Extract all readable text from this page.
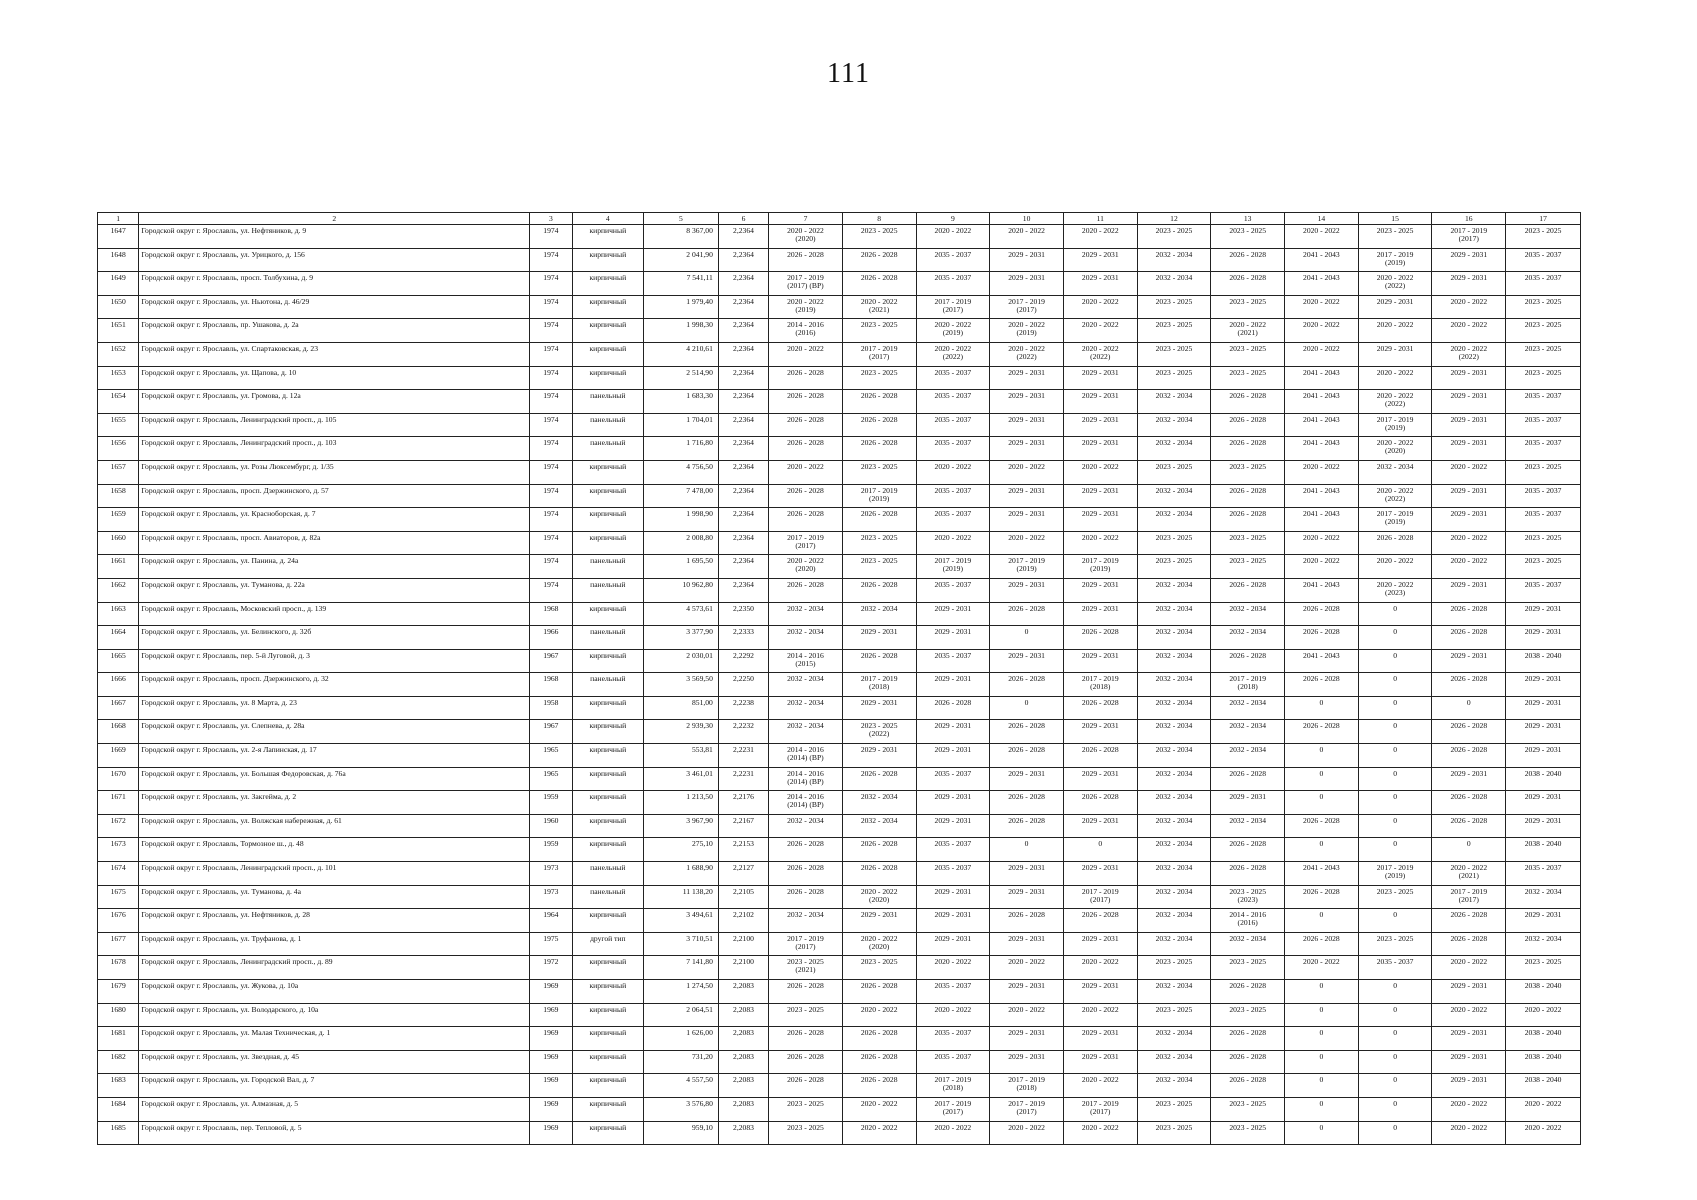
111
1	2	3	4	5	6	7	8	9	10	11	12	13	14	15	16	17
1647	Городской округ г. Ярославль, ул. Нефтяников, д. 9	1974	кирпичный	8 367,00	2,2364	2020 - 2022
(2020)	2023 - 2025	2020 - 2022	2020 - 2022	2020 - 2022	2023 - 2025	2023 - 2025	2020 - 2022	2023 - 2025	2017 - 2019
(2017)	2023 - 2025

1648	Городской округ г. Ярославль, ул. Урицкого, д. 156	1974	кирпичный	2 041,90	2,2364	2026 - 2028	2026 - 2028	2035 - 2037	2029 - 2031	2029 - 2031	2032 - 2034	2026 - 2028	2041 - 2043	2017 - 2019
(2019)	2029 - 2031	2035 - 2037

1649	Городской округ г. Ярославль, просп. Толбухина, д. 9	1974	кирпичный	7 541,11	2,2364	2017 - 2019
(2017) (ВР)	2026 - 2028	2035 - 2037	2029 - 2031	2029 - 2031	2032 - 2034	2026 - 2028	2041 - 2043	2020 - 2022
(2022)	2029 - 2031	2035 - 2037

1650	Городской округ г. Ярославль, ул. Ньютона, д. 46/29	1974	кирпичный	1 979,40	2,2364	2020 - 2022
(2019)	2020 - 2022
(2021)	2017 - 2019
(2017)	2017 - 2019
(2017)	2020 - 2022	2023 - 2025	2023 - 2025	2020 - 2022	2029 - 2031	2020 - 2022	2023 - 2025

1651	Городской округ г. Ярославль, пр. Ушакова, д. 2а	1974	кирпичный	1 998,30	2,2364	2014 - 2016
(2016)	2023 - 2025	2020 - 2022
(2019)	2020 - 2022
(2019)	2020 - 2022	2023 - 2025	2020 - 2022
(2021)	2020 - 2022	2020 - 2022	2020 - 2022	2023 - 2025

1652	Городской округ г. Ярославль, ул. Спартаковская, д. 23	1974	кирпичный	4 210,61	2,2364	2020 - 2022	2017 - 2019
(2017)	2020 - 2022
(2022)	2020 - 2022
(2022)	2020 - 2022
(2022)	2023 - 2025	2023 - 2025	2020 - 2022	2029 - 2031	2020 - 2022
(2022)	2023 - 2025

1653	Городской округ г. Ярославль, ул. Щапова, д. 10	1974	кирпичный	2 514,90	2,2364	2026 - 2028	2023 - 2025	2035 - 2037	2029 - 2031	2029 - 2031	2023 - 2025	2023 - 2025	2041 - 2043	2020 - 2022	2029 - 2031	2023 - 2025

1654	Городской округ г. Ярославль, ул. Громова, д. 12а	1974	панельный	1 683,30	2,2364	2026 - 2028	2026 - 2028	2035 - 2037	2029 - 2031	2029 - 2031	2032 - 2034	2026 - 2028	2041 - 2043	2020 - 2022
(2022)	2029 - 2031	2035 - 2037

1655	Городской округ г. Ярославль, Ленинградский просп., д. 105	1974	панельный	1 704,01	2,2364	2026 - 2028	2026 - 2028	2035 - 2037	2029 - 2031	2029 - 2031	2032 - 2034	2026 - 2028	2041 - 2043	2017 - 2019
(2019)	2029 - 2031	2035 - 2037

1656	Городской округ г. Ярославль, Ленинградский просп., д. 103	1974	панельный	1 716,80	2,2364	2026 - 2028	2026 - 2028	2035 - 2037	2029 - 2031	2029 - 2031	2032 - 2034	2026 - 2028	2041 - 2043	2020 - 2022
(2020)	2029 - 2031	2035 - 2037

1657	Городской округ г. Ярославль, ул. Розы Люксембург, д. 1/35	1974	кирпичный	4 756,50	2,2364	2020 - 2022	2023 - 2025	2020 - 2022	2020 - 2022	2020 - 2022	2023 - 2025	2023 - 2025	2020 - 2022	2032 - 2034	2020 - 2022	2023 - 2025

1658	Городской округ г. Ярославль, просп. Дзержинского, д. 57	1974	кирпичный	7 478,00	2,2364	2026 - 2028	2017 - 2019
(2019)	2035 - 2037	2029 - 2031	2029 - 2031	2032 - 2034	2026 - 2028	2041 - 2043	2020 - 2022
(2022)	2029 - 2031	2035 - 2037

1659	Городской округ г. Ярославль, ул. Красноборская, д. 7	1974	кирпичный	1 998,90	2,2364	2026 - 2028	2026 - 2028	2035 - 2037	2029 - 2031	2029 - 2031	2032 - 2034	2026 - 2028	2041 - 2043	2017 - 2019
(2019)	2029 - 2031	2035 - 2037

1660	Городской округ г. Ярославль, просп. Авиаторов, д. 82а	1974	кирпичный	2 008,80	2,2364	2017 - 2019
(2017)	2023 - 2025	2020 - 2022	2020 - 2022	2020 - 2022	2023 - 2025	2023 - 2025	2020 - 2022	2026 - 2028	2020 - 2022	2023 - 2025

1661	Городской округ г. Ярославль, ул. Панина, д. 24а	1974	панельный	1 695,50	2,2364	2020 - 2022
(2020)	2023 - 2025	2017 - 2019
(2019)	2017 - 2019
(2019)	2017 - 2019
(2019)	2023 - 2025	2023 - 2025	2020 - 2022	2020 - 2022	2020 - 2022	2023 - 2025

1662	Городской округ г. Ярославль, ул. Туманова, д. 22а	1974	панельный	10 962,80	2,2364	2026 - 2028	2026 - 2028	2035 - 2037	2029 - 2031	2029 - 2031	2032 - 2034	2026 - 2028	2041 - 2043	2020 - 2022
(2023)	2029 - 2031	2035 - 2037

1663	Городской округ г. Ярославль, Московский просп., д. 139	1968	кирпичный	4 573,61	2,2350	2032 - 2034	2032 - 2034	2029 - 2031	2026 - 2028	2029 - 2031	2032 - 2034	2032 - 2034	2026 - 2028	0	2026 - 2028	2029 - 2031

1664	Городской округ г. Ярославль, ул. Белинского, д. 32б	1966	панельный	3 377,90	2,2333	2032 - 2034	2029 - 2031	2029 - 2031	0	2026 - 2028	2032 - 2034	2032 - 2034	2026 - 2028	0	2026 - 2028	2029 - 2031

1665	Городской округ г. Ярославль, пер. 5-й Луговой, д. 3	1967	кирпичный	2 030,01	2,2292	2014 - 2016
(2015)	2026 - 2028	2035 - 2037	2029 - 2031	2029 - 2031	2032 - 2034	2026 - 2028	2041 - 2043	0	2029 - 2031	2038 - 2040

1666	Городской округ г. Ярославль, просп. Дзержинского, д. 32	1968	панельный	3 569,50	2,2250	2032 - 2034	2017 - 2019
(2018)	2029 - 2031	2026 - 2028	2017 - 2019
(2018)	2032 - 2034	2017 - 2019
(2018)	2026 - 2028	0	2026 - 2028	2029 - 2031

1667	Городской округ г. Ярославль, ул. 8 Марта, д. 23	1958	кирпичный	851,00	2,2238	2032 - 2034	2029 - 2031	2026 - 2028	0	2026 - 2028	2032 - 2034	2032 - 2034	0	0	0	2029 - 2031

1668	Городской округ г. Ярославль, ул. Слепнева, д. 28а	1967	кирпичный	2 939,30	2,2232	2032 - 2034	2023 - 2025
(2022)	2029 - 2031	2026 - 2028	2029 - 2031	2032 - 2034	2032 - 2034	2026 - 2028	0	2026 - 2028	2029 - 2031

1669	Городской округ г. Ярославль, ул. 2-я Лапинская, д. 17	1965	кирпичный	553,81	2,2231	2014 - 2016
(2014) (ВР)	2029 - 2031	2029 - 2031	2026 - 2028	2026 - 2028	2032 - 2034	2032 - 2034	0	0	2026 - 2028	2029 - 2031

1670	Городской округ г. Ярославль, ул. Большая Федоровская, д. 76а	1965	кирпичный	3 461,01	2,2231	2014 - 2016
(2014) (ВР)	2026 - 2028	2035 - 2037	2029 - 2031	2029 - 2031	2032 - 2034	2026 - 2028	0	0	2029 - 2031	2038 - 2040

1671	Городской округ г. Ярославль, ул. Закгейма, д. 2	1959	кирпичный	1 213,50	2,2176	2014 - 2016
(2014) (ВР)	2032 - 2034	2029 - 2031	2026 - 2028	2026 - 2028	2032 - 2034	2029 - 2031	0	0	2026 - 2028	2029 - 2031

1672	Городской округ г. Ярославль, ул. Волжская набережная, д. 61	1960	кирпичный	3 967,90	2,2167	2032 - 2034	2032 - 2034	2029 - 2031	2026 - 2028	2029 - 2031	2032 - 2034	2032 - 2034	2026 - 2028	0	2026 - 2028	2029 - 2031

1673	Городской округ г. Ярославль, Тормозное ш., д. 48	1959	кирпичный	275,10	2,2153	2026 - 2028	2026 - 2028	2035 - 2037	0	0	2032 - 2034	2026 - 2028	0	0	0	2038 - 2040

1674	Городской округ г. Ярославль, Ленинградский просп., д. 101	1973	панельный	1 688,90	2,2127	2026 - 2028	2026 - 2028	2035 - 2037	2029 - 2031	2029 - 2031	2032 - 2034	2026 - 2028	2041 - 2043	2017 - 2019
(2019)	2020 - 2022
(2021)	2035 - 2037

1675	Городской округ г. Ярославль, ул. Туманова, д. 4а	1973	панельный	11 138,20	2,2105	2026 - 2028	2020 - 2022
(2020)	2029 - 2031	2029 - 2031	2017 - 2019
(2017)	2032 - 2034	2023 - 2025
(2023)	2026 - 2028	2023 - 2025	2017 - 2019
(2017)	2032 - 2034

1676	Городской округ г. Ярославль, ул. Нефтяников, д. 28	1964	кирпичный	3 494,61	2,2102	2032 - 2034	2029 - 2031	2029 - 2031	2026 - 2028	2026 - 2028	2032 - 2034	2014 - 2016
(2016)	0	0	2026 - 2028	2029 - 2031

1677	Городской округ г. Ярославль, ул. Труфанова, д. 1	1975	другой тип	3 710,51	2,2100	2017 - 2019
(2017)	2020 - 2022
(2020)	2029 - 2031	2029 - 2031	2029 - 2031	2032 - 2034	2032 - 2034	2026 - 2028	2023 - 2025	2026 - 2028	2032 - 2034

1678	Городской округ г. Ярославль, Ленинградский просп., д. 89	1972	кирпичный	7 141,80	2,2100	2023 - 2025
(2021)	2023 - 2025	2020 - 2022	2020 - 2022	2020 - 2022	2023 - 2025	2023 - 2025	2020 - 2022	2035 - 2037	2020 - 2022	2023 - 2025

1679	Городской округ г. Ярославль, ул. Жукова, д. 10а	1969	кирпичный	1 274,50	2,2083	2026 - 2028	2026 - 2028	2035 - 2037	2029 - 2031	2029 - 2031	2032 - 2034	2026 - 2028	0	0	2029 - 2031	2038 - 2040

1680	Городской округ г. Ярославль, ул. Володарского, д. 10а	1969	кирпичный	2 064,51	2,2083	2023 - 2025	2020 - 2022	2020 - 2022	2020 - 2022	2020 - 2022	2023 - 2025	2023 - 2025	0	0	2020 - 2022	2020 - 2022

1681	Городской округ г. Ярославль, ул. Малая Техническая, д. 1	1969	кирпичный	1 626,00	2,2083	2026 - 2028	2026 - 2028	2035 - 2037	2029 - 2031	2029 - 2031	2032 - 2034	2026 - 2028	0	0	2029 - 2031	2038 - 2040

1682	Городской округ г. Ярославль, ул. Звездная, д. 45	1969	кирпичный	731,20	2,2083	2026 - 2028	2026 - 2028	2035 - 2037	2029 - 2031	2029 - 2031	2032 - 2034	2026 - 2028	0	0	2029 - 2031	2038 - 2040

1683	Городской округ г. Ярославль, ул. Городской Вал, д. 7	1969	кирпичный	4 557,50	2,2083	2026 - 2028	2026 - 2028	2017 - 2019
(2018)	2017 - 2019
(2018)	2020 - 2022	2032 - 2034	2026 - 2028	0	0	2029 - 2031	2038 - 2040

1684	Городской округ г. Ярославль, ул. Алмазная, д. 5	1969	кирпичный	3 576,80	2,2083	2023 - 2025	2020 - 2022	2017 - 2019
(2017)	2017 - 2019
(2017)	2017 - 2019
(2017)	2023 - 2025	2023 - 2025	0	0	2020 - 2022	2020 - 2022

1685	Городской округ г. Ярославль, пер. Тепловой, д. 5	1969	кирпичный	959,10	2,2083	2023 - 2025	2020 - 2022	2020 - 2022	2020 - 2022	2020 - 2022	2023 - 2025	2023 - 2025	0	0	2020 - 2022	2020 - 2022
